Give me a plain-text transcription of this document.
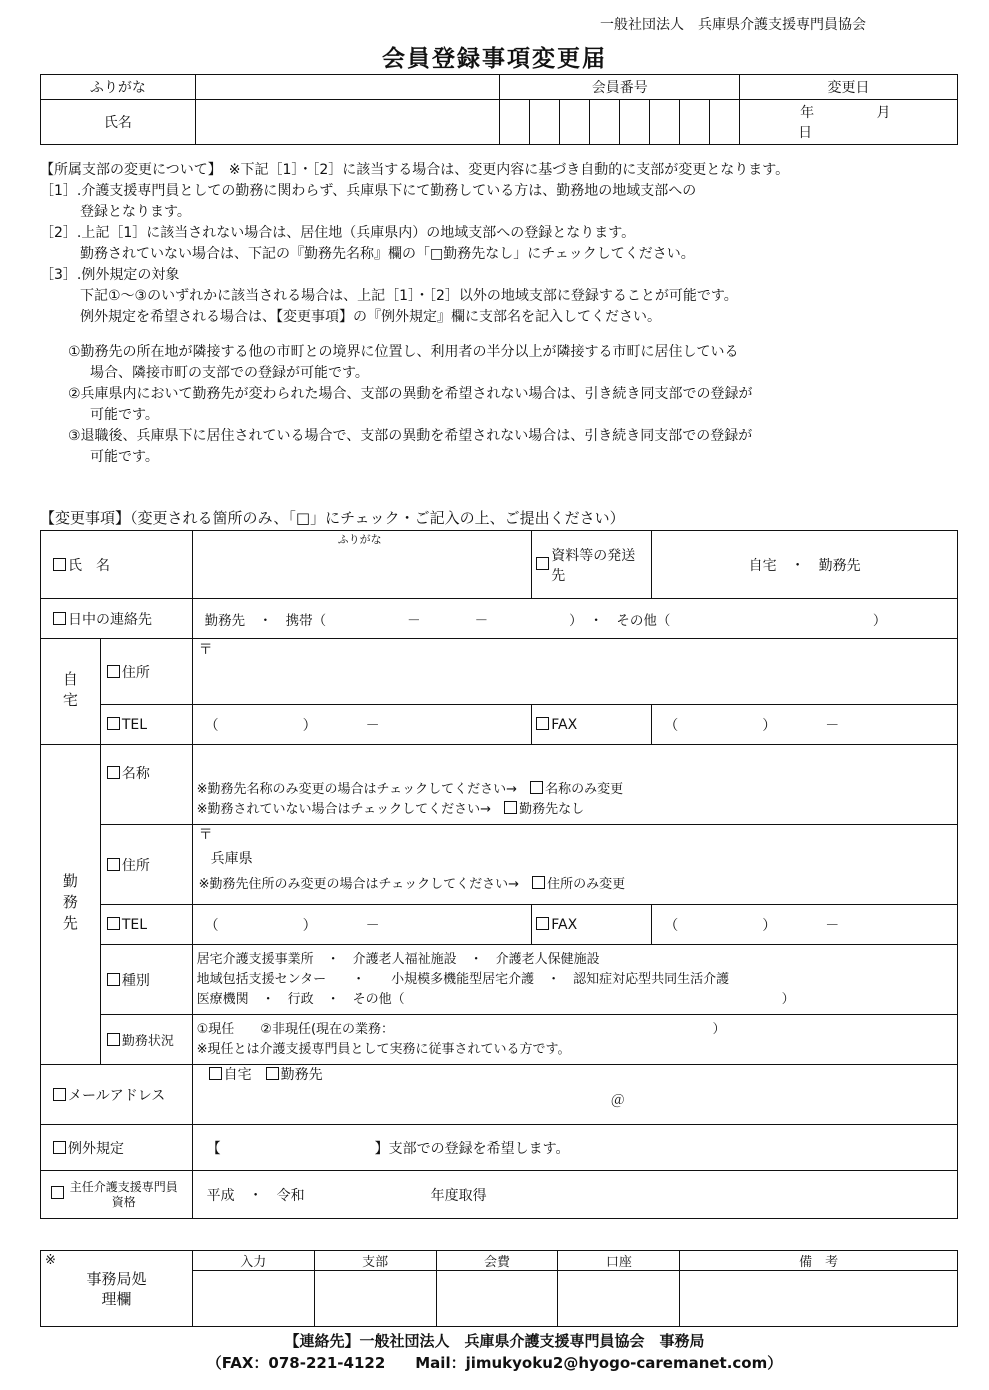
一般社団法人　兵庫県介護支援専門員協会
会員登録事項変更届
ふりがな		会員番号								変更日
氏名										年 月 日
【所属支部の変更について】　※下記［1］・［2］に該当する場合は、変更内容に基づき自動的に支部が変更となります。
［1］.介護支援専門員としての勤務に関わらず、兵庫県下にて勤務している方は、勤務地の地域支部への
登録となります。
［2］.上記［1］に該当されない場合は、居住地（兵庫県内）の地域支部への登録となります。
勤務されていない場合は、下記の『勤務先名称』欄の「□勤務先なし」にチェックしてください。
［3］.例外規定の対象
下記①～③のいずれかに該当される場合は、上記［1］・［2］以外の地域支部に登録することが可能です。
例外規定を希望される場合は、【変更事項】の『例外規定』欄に支部名を記入してください。
①勤務先の所在地が隣接する他の市町との境界に位置し、利用者の半分以上が隣接する市町に居住している
場合、隣接市町の支部での登録が可能です。
②兵庫県内において勤務先が変わられた場合、支部の異動を希望されない場合は、引き続き同支部での登録が
可能です。
③退職後、兵庫県下に居住されている場合で、支部の異動を希望されない場合は、引き続き同支部での登録が
可能です。
【変更事項】（変更される箇所のみ、「□」にチェック・ご記入の上、ご提出ください）
氏　名		ふりがな	資料等の発送先	自宅　・　勤務先
日中の連絡先		勤務先　・　携帯（　　　　　　－　　　　－　　　　　　）　・　その他（　　　　　　　　　　　　　　　）		

自宅	住所	〒		
	TEL	（　　　　　　）　　　　－	FAX	（　　　　　　）　　　　－

勤務先	名称	※勤務先名称のみ変更の場合はチェックしてください→　 名称のみ変更
※勤務されていない場合はチェックしてください→　 勤務先なし		

	住所	〒
兵庫県
※勤務先住所のみ変更の場合はチェックしてください→　 住所のみ変更		

	TEL	（　　　　　　）　　　　－	FAX	（　　　　　　）　　　　－
	種別	居宅介護支援事業所　・　介護老人福祉施設　・　介護老人保健施設
地域包括支援センター　　・　　小規模多機能型居宅介護　・　認知症対応型共同生活介護
医療機関　・　行政　・　その他（　　　　　　　　　　　　　　　　　　　　　　　　　　　　　）		

	勤務状況	①現任　　②非現任(現在の業務：　　　　　　　　　　　　　　　　　　　　　　　　　）
※現任とは介護支援専門員として実務に従事されている方です。		

メールアドレス		自宅　 勤務先
＠		

例外規定		【　　　　　　　　　　　】支部での登録を希望します。		
主任介護支援専門員資格		平成　・　令和　　　　　　　　　年度取得		
※
事務局処理欄	入力	支部	会費	口座	備　考

【連絡先】一般社団法人　兵庫県介護支援専門員協会　事務局
（FAX：078-221-4122　　Mail：jimukyoku2@hyogo-caremanet.com）
